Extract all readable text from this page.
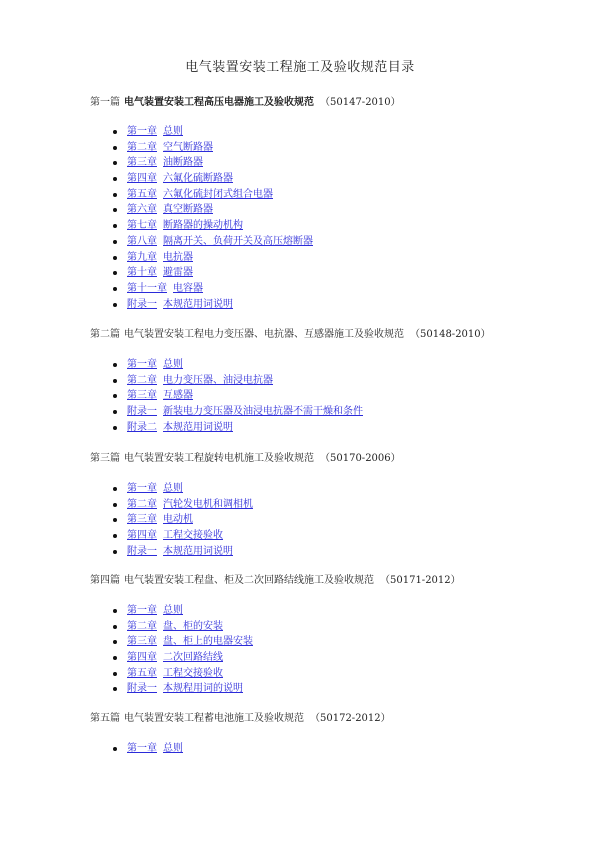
电气装置安装工程施工及验收规范目录
第一篇 电气装置安装工程高压电器施工及验收规范 （50147-2010）
第一章 总则
第二章 空气断路器
第三章 油断路器
第四章 六氟化硫断路器
第五章 六氟化硫封闭式组合电器
第六章 真空断路器
第七章 断路器的操动机构
第八章 隔离开关、负荷开关及高压熔断器
第九章 电抗器
第十章 避雷器
第十一章 电容器
附录一 本规范用词说明
第二篇 电气装置安装工程电力变压器、电抗器、互感器施工及验收规范 （50148-2010）
第一章 总则
第二章 电力变压器、油浸电抗器
第三章 互感器
附录一 新装电力变压器及油浸电抗器不需干燥和条件
附录二 本规范用词说明
第三篇 电气装置安装工程旋转电机施工及验收规范 （50170-2006）
第一章 总则
第二章 汽轮发电机和调相机
第三章 电动机
第四章 工程交接验收
附录一 本规范用词说明
第四篇 电气装置安装工程盘、柜及二次回路结线施工及验收规范 （50171-2012）
第一章 总则
第二章 盘、柜的安装
第三章 盘、柜上的电器安装
第四章 二次回路结线
第五章 工程交接验收
附录一 本规程用词的说明
第五篇 电气装置安装工程蓄电池施工及验收规范 （50172-2012）
第一章 总则
